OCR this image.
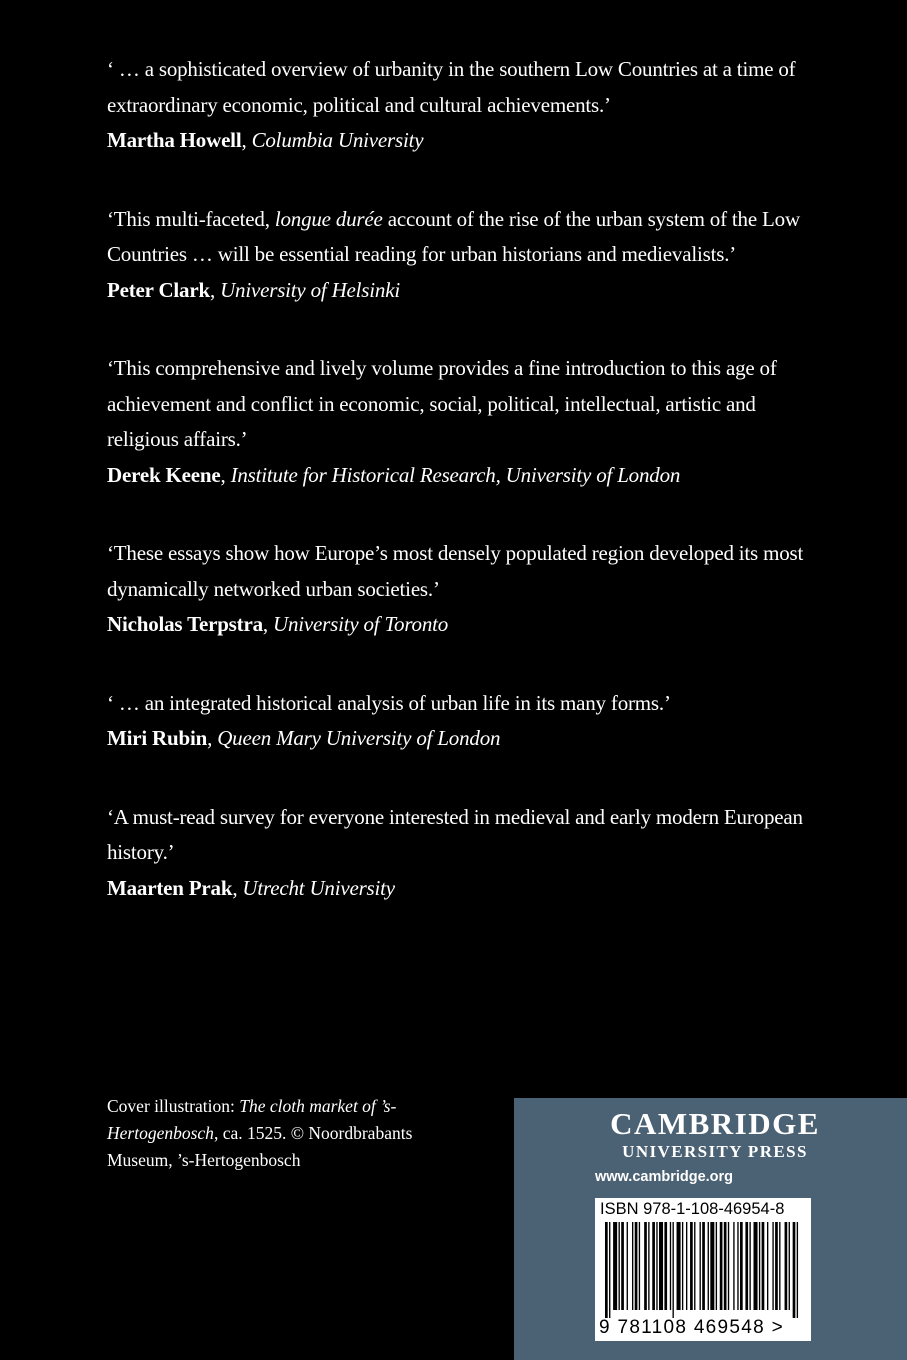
‘ … a sophisticated overview of urbanity in the southern Low Countries at a time of extraordinary economic, political and cultural achievements.’
Martha Howell, Columbia University
‘This multi-faceted, longue durée account of the rise of the urban system of the Low Countries … will be essential reading for urban historians and medievalists.’
Peter Clark, University of Helsinki
‘This comprehensive and lively volume provides a fine introduction to this age of achievement and conflict in economic, social, political, intellectual, artistic and religious affairs.’
Derek Keene, Institute for Historical Research, University of London
‘These essays show how Europe’s most densely populated region developed its most dynamically networked urban societies.’
Nicholas Terpstra, University of Toronto
‘ … an integrated historical analysis of urban life in its many forms.’
Miri Rubin, Queen Mary University of London
‘A must-read survey for everyone interested in medieval and early modern European history.’
Maarten Prak, Utrecht University
Cover illustration: The cloth market of ’s-Hertogenbosch, ca. 1525. © Noordbrabants Museum, ’s-Hertogenbosch
CAMBRIDGE
UNIVERSITY PRESS
www.cambridge.org
ISBN 978-1-108-46954-8
9 781108 469548 >
